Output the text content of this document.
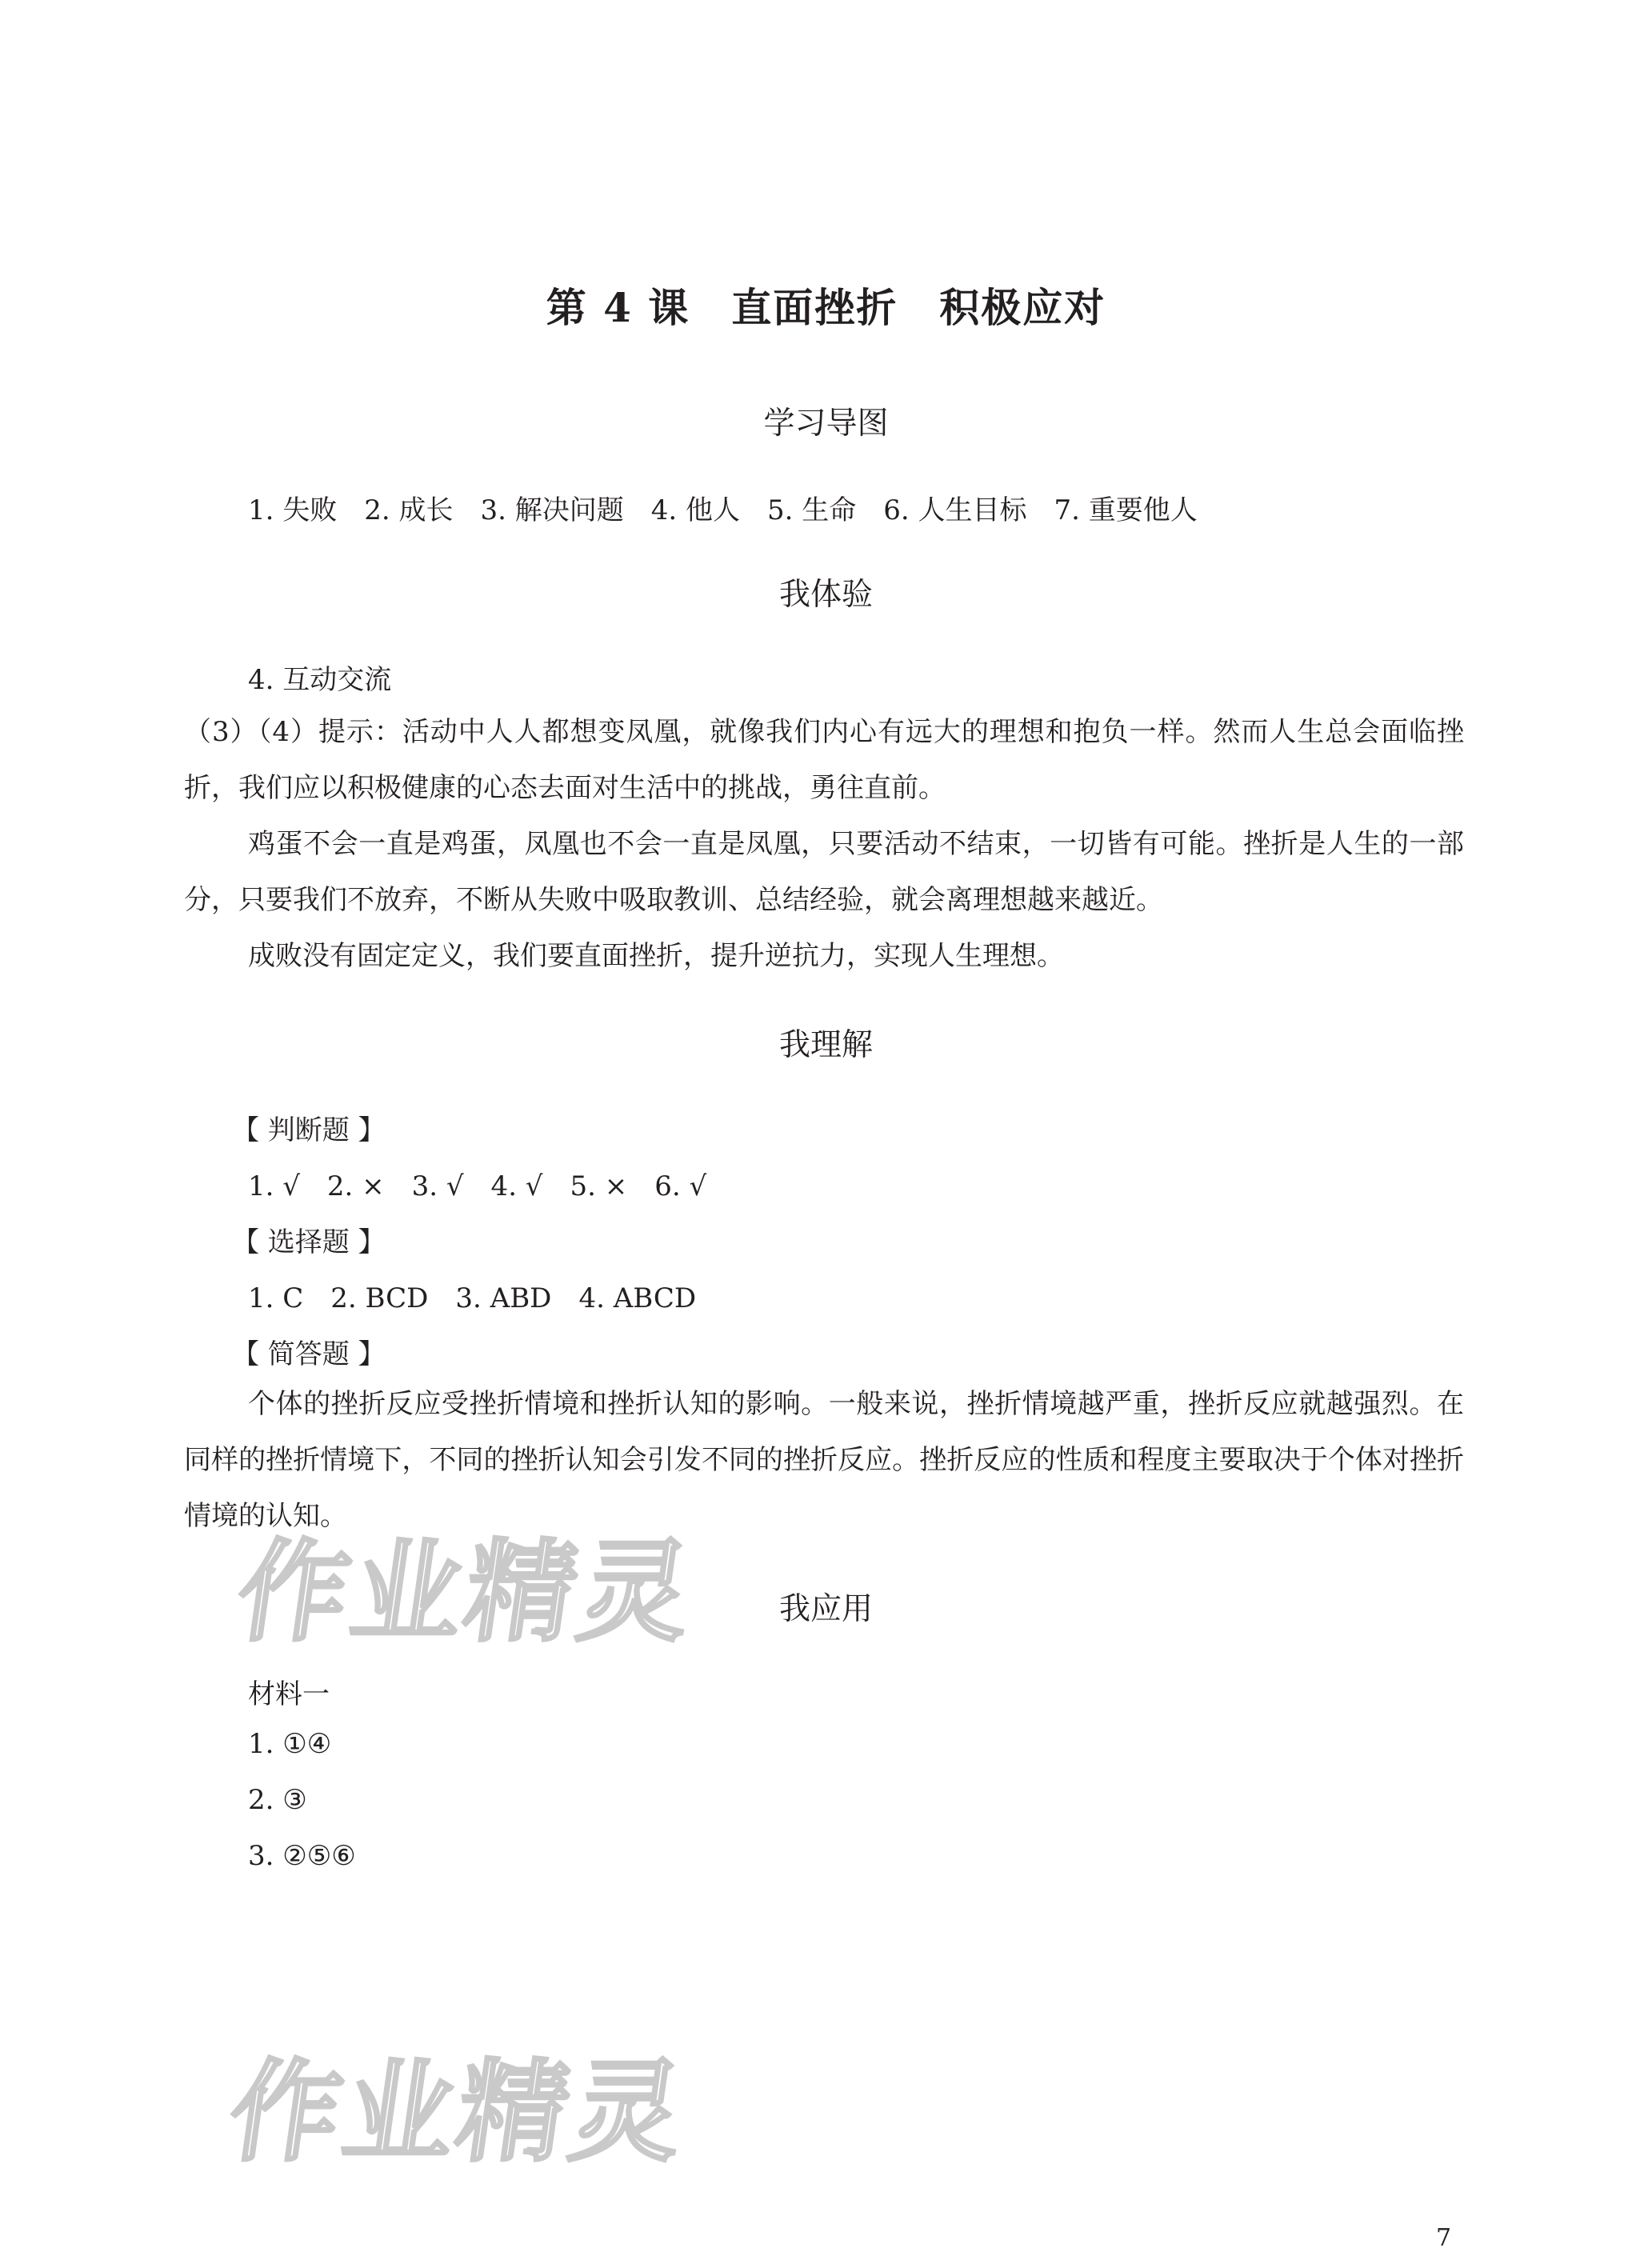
第 4 课　直面挫折　积极应对
学习导图
1. 失败　2. 成长　3. 解决问题　4. 他人　5. 生命　6. 人生目标　7. 重要他人
我体验
4. 互动交流
（3）（4）提示：活动中人人都想变凤凰，就像我们内心有远大的理想和抱负一样。然而人生总会面临挫折，我们应以积极健康的心态去面对生活中的挑战，勇往直前。
鸡蛋不会一直是鸡蛋，凤凰也不会一直是凤凰，只要活动不结束，一切皆有可能。挫折是人生的一部分，只要我们不放弃，不断从失败中吸取教训、总结经验，就会离理想越来越近。
成败没有固定定义，我们要直面挫折，提升逆抗力，实现人生理想。
我理解
【 判断题 】
1. √　2. ×　3. √　4. √　5. ×　6. √
【 选择题 】
1. C　2. BCD　3. ABD　4. ABCD
【 简答题 】
个体的挫折反应受挫折情境和挫折认知的影响。一般来说，挫折情境越严重，挫折反应就越强烈。在同样的挫折情境下，不同的挫折认知会引发不同的挫折反应。挫折反应的性质和程度主要取决于个体对挫折情境的认知。
作业精灵	我应用
材料一
1. ①④
2. ③
3. ②⑤⑥
作业精灵
7
